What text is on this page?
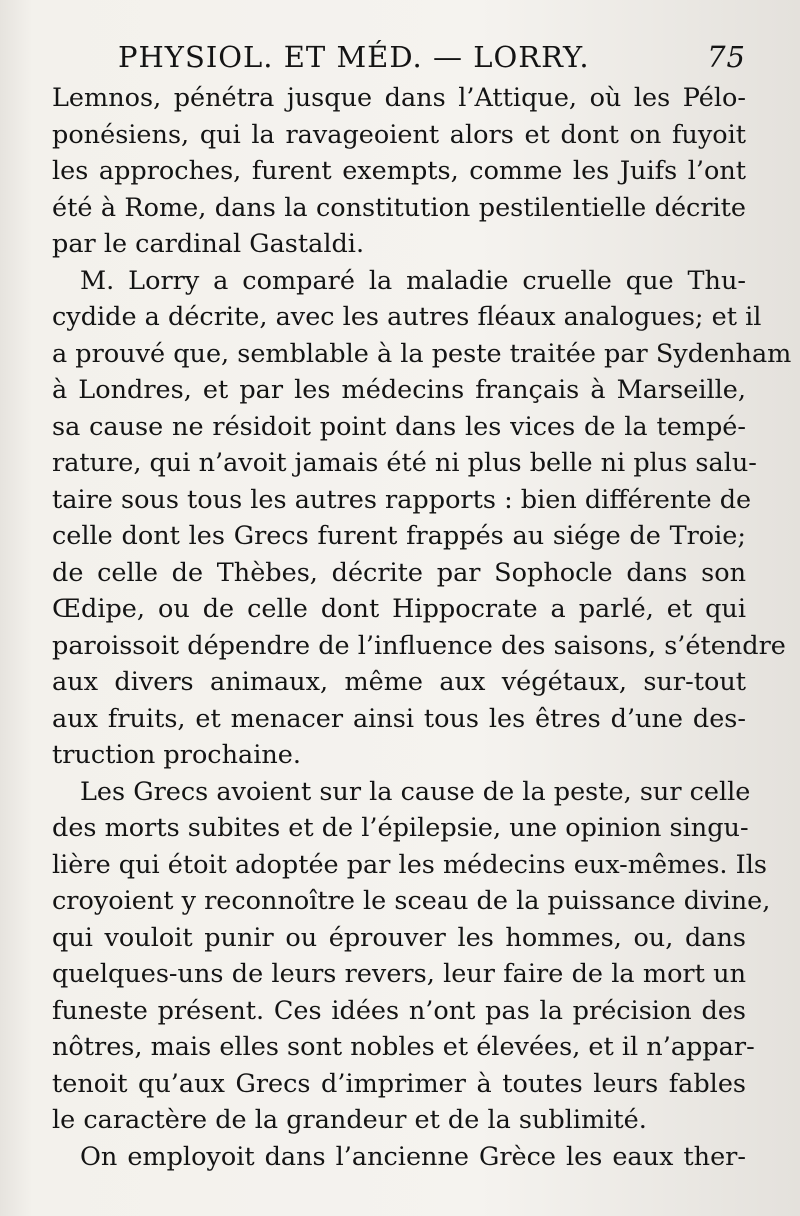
PHYSIOL. ET MÉD. — LORRY.	75
Lemnos, pénétra jusque dans l’Attique, où les Pélo-
ponésiens, qui la ravageoient alors et dont on fuyoit
les approches, furent exempts, comme les Juifs l’ont
été à Rome, dans la constitution pestilentielle décrite
par le cardinal Gastaldi.
M. Lorry a comparé la maladie cruelle que Thu-
cydide a décrite, avec les autres fléaux analogues; et il
a prouvé que, semblable à la peste traitée par Sydenham
à Londres, et par les médecins français à Marseille,
sa cause ne résidoit point dans les vices de la tempé-
rature, qui n’avoit jamais été ni plus belle ni plus salu-
taire sous tous les autres rapports : bien différente de
celle dont les Grecs furent frappés au siége de Troie;
de celle de Thèbes, décrite par Sophocle dans son
Œdipe, ou de celle dont Hippocrate a parlé, et qui
paroissoit dépendre de l’influence des saisons, s’étendre
aux divers animaux, même aux végétaux, sur-tout
aux fruits, et menacer ainsi tous les êtres d’une des-
truction prochaine.
Les Grecs avoient sur la cause de la peste, sur celle
des morts subites et de l’épilepsie, une opinion singu-
lière qui étoit adoptée par les médecins eux-mêmes. Ils
croyoient y reconnoître le sceau de la puissance divine,
qui vouloit punir ou éprouver les hommes, ou, dans
quelques-uns de leurs revers, leur faire de la mort un
funeste présent. Ces idées n’ont pas la précision des
nôtres, mais elles sont nobles et élevées, et il n’appar-
tenoit qu’aux Grecs d’imprimer à toutes leurs fables
le caractère de la grandeur et de la sublimité.
On employoit dans l’ancienne Grèce les eaux ther-
